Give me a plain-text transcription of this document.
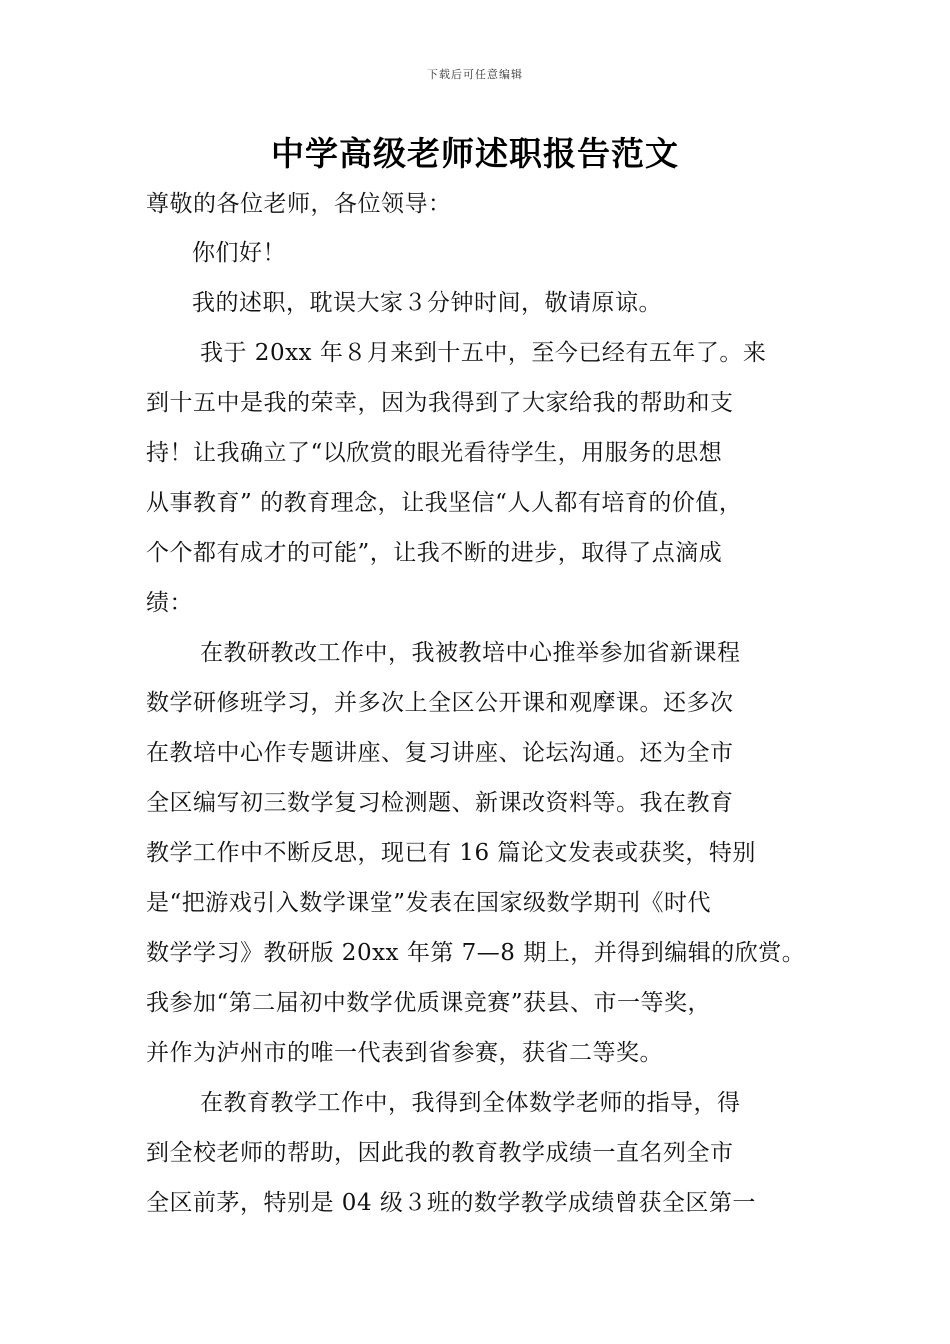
下载后可任意编辑
中学高级老师述职报告范文
尊敬的各位老师，各位领导：
你们好！
我的述职，耽误大家３分钟时间，敬请原谅。
我于 20xx 年８月来到十五中，至今已经有五年了。来
到十五中是我的荣幸，因为我得到了大家给我的帮助和支
持！让我确立了“以欣赏的眼光看待学生，用服务的思想
从事教育” 的教育理念，让我坚信“人人都有培育的价值，
个个都有成才的可能”，让我不断的进步，取得了点滴成
绩：
在教研教改工作中，我被教培中心推举参加省新课程
数学研修班学习，并多次上全区公开课和观摩课。还多次
在教培中心作专题讲座、复习讲座、论坛沟通。还为全市
全区编写初三数学复习检测题、新课改资料等。我在教育
教学工作中不断反思，现已有 16 篇论文发表或获奖，特别
是“把游戏引入数学课堂”发表在国家级数学期刊《时代
数学学习》教研版 20xx 年第 7—8 期上，并得到编辑的欣赏。
我参加“第二届初中数学优质课竞赛”获县、市一等奖，
并作为泸州市的唯一代表到省参赛，获省二等奖。
在教育教学工作中，我得到全体数学老师的指导，得
到全校老师的帮助，因此我的教育教学成绩一直名列全市
全区前茅，特别是 04 级３班的数学教学成绩曾获全区第一
